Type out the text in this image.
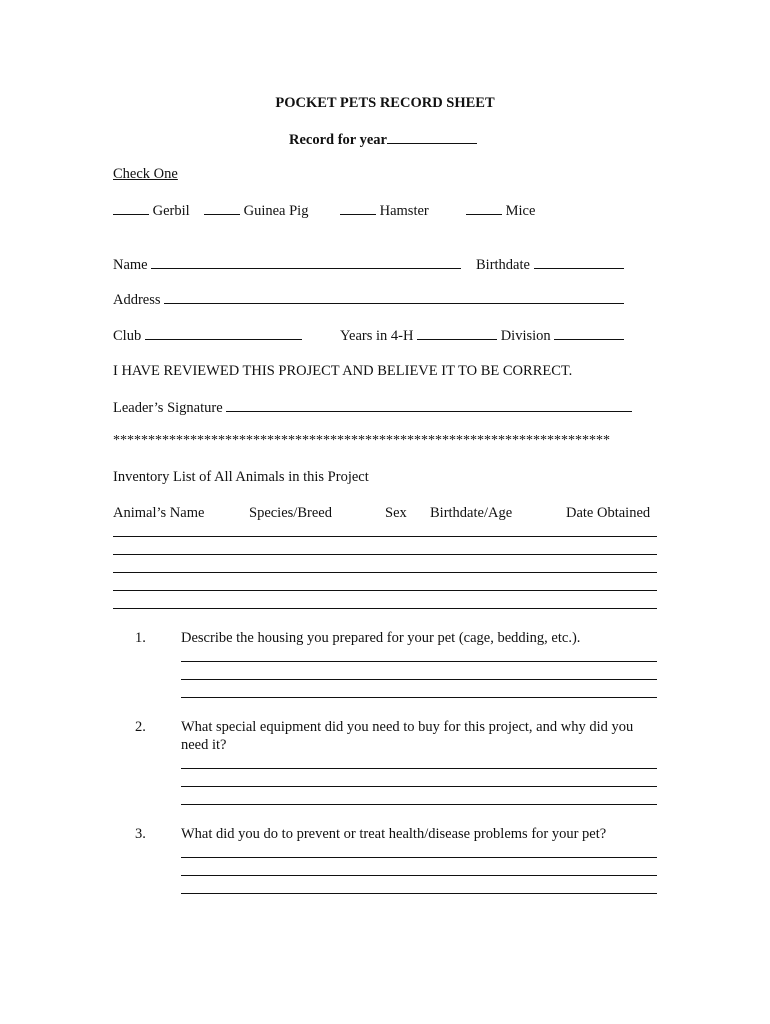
POCKET PETS RECORD SHEET
Record for year
Check One
Gerbil	Guinea Pig	Hamster	Mice
Name	Birthdate
Address
Club	Years in 4-H	Division
I HAVE REVIEWED THIS PROJECT AND BELIEVE IT TO BE CORRECT.
Leader’s Signature
***********************************************************************
Inventory List of All Animals in this Project
Animal’s Name	Species/Breed	Sex Birthdate/Age	Date Obtained
1. Describe the housing you prepared for your pet (cage, bedding, etc.).
2. What special equipment did you need to buy for this project, and why did you
need it?
3. What did you do to prevent or treat health/disease problems for your pet?
